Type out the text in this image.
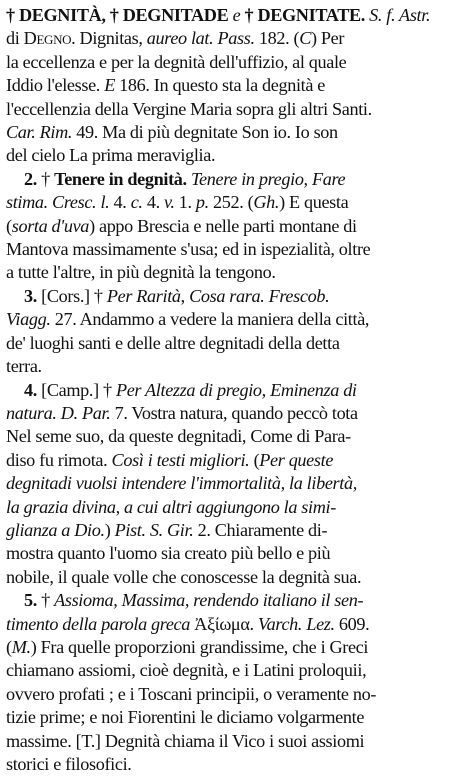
† DEGNITÀ, † DEGNITADE e † DEGNITATE. S. f. Astr.
di Degno. Dignitas, aureo lat. Pass. 182. (C) Per
la eccellenza e per la degnità dell'uffizio, al quale
Iddio l'elesse. E 186. In questo sta la degnità e
l'eccellenzia della Vergine Maria sopra gli altri Santi.
Car. Rim. 49. Ma di più degnitate Son io. Io son
del cielo La prima meraviglia.
2. † Tenere in degnità. Tenere in pregio, Fare
stima. Cresc. l. 4. c. 4. v. 1. p. 252. (Gh.) E questa
(sorta d'uva) appo Brescia e nelle parti montane di
Mantova massimamente s'usa; ed in ispezialità, oltre
a tutte l'altre, in più degnità la tengono.
3. [Cors.] † Per Rarità, Cosa rara. Frescob.
Viagg. 27. Andammo a vedere la maniera della città,
de' luoghi santi e delle altre degnitadi della detta
terra.
4. [Camp.] † Per Altezza di pregio, Eminenza di
natura. D. Par. 7. Vostra natura, quando peccò tota
Nel seme suo, da queste degnitadi, Come di Para-
diso fu rimota. Così i testi migliori. (Per queste
degnitadi vuolsi intendere l'immortalità, la libertà,
la grazia divina, a cui altri aggiungono la simi-
glianza a Dio.) Pist. S. Gir. 2. Chiaramente di-
mostra quanto l'uomo sia creato più bello e più
nobile, il quale volle che conoscesse la degnità sua.
5. † Assioma, Massima, rendendo italiano il sen-
timento della parola greca Ἀξίωμα. Varch. Lez. 609.
(M.) Fra quelle proporzioni grandissime, che i Greci
chiamano assiomi, cioè degnità, e i Latini proloquii,
ovvero profati ; e i Toscani principii, o veramente no-
tizie prime; e noi Fiorentini le diciamo volgarmente
massime. [T.] Degnità chiama il Vico i suoi assiomi
storici e filosofici.
